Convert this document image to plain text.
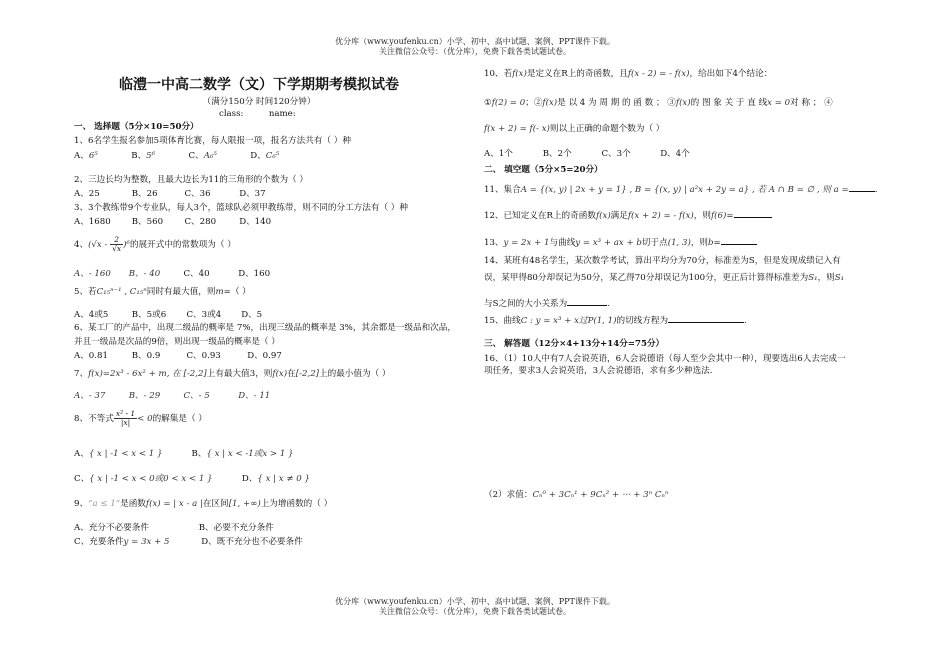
优分库（www.youfenku.cn）小学、初中、高中试题、案例、PPT课件下载。
关注微信公众号：（优分库），免费下载各类试题试卷。
临澧一中高二数学（文）下学期期考模拟试卷
（满分150分 时间120分钟）
class:	name:
一、 选择题（5分×10=50分）
1、6名学生报名参加5项体育比赛，每人限报一项，报名方法共有（ ）种
A、6⁵	B、5⁶	C、A₆⁵	D、C₆⁵
2、三边长均为整数，且最大边长为11的三角形的个数为（ ）
A、25	B、26	C、36	D、37
3、3个教练带9个专业队，每人3个，篮球队必须甲教练带，则不同的分工方法有（ ）种
A、1680 B、560 C、280	D、140
4、$(√x - \frac{2}{√x} )^6$的展开式中的常数项为（ ）
A、- 160 B、- 40	C、40	D、160
5、若C₁₅ⁿ⁻¹ , C₁₅ⁿ同时有最大值，则m=（ ）
A、4或5	B、5或6 C、3或4 D、5
6、某工厂的产品中，出现二级品的概率是 7%，出现三级品的概率是 3%，其余都是一级品和次品，
并且一级品是次品的9倍，则出现一级品的概率是（ ）
A、0.81	B、0.9	C、0.93	D、0.97
7、f(x)=2x³ - 6x² + m, 在 [-2,2]上有最大值3，则f(x)在[-2,2]上的最小值为（ ）
A、- 37	B、- 29	C、- 5	D、- 11
8、不等式 $\frac{\text{x² - 1}}{|x|} < 0$的解集是（ ）
A、{ x | -1 < x < 1 }	B、{ x | x < -1或x > 1 }
C、{ x | -1 < x < 0或0 < x < 1 }	D、{ x | x ≠ 0 }
9、“a ≤ 1”是函数f(x) = | x - a |在区间[1, +∞)上为增函数的（ ）
A、充分不必要条件	B、必要不充分条件
C、充要条件y = 3x + 5	D、既不充分也不必要条件
10、若f(x)是定义在R上的奇函数，且f(x - 2) = - f(x)，给出如下4个结论：
①f(2) = 0；②f(x)是 以 4 为 周 期 的 函 数 ； ③f(x)的 图 象 关 于 直 线x = 0对 称 ； ④
f(x + 2) = f(- x)则以上正确的命题个数为（ ）
A、1个	B、2个	C、3个	D、4个
二、 填空题（5分×5=20分）
11、集合A = {(x, y) | 2x + y = 1} , B = {(x, y) | a²x + 2y = a} , 若 A ∩ B = ∅ , 则 a =	.
12、已知定义在R上的奇函数f(x)满足f(x + 2) = - f(x)，则f(6)=
13、y = 2x + 1与曲线y = x³ + ax + b切于点(1, 3)，则b=
14、某班有48名学生，某次数学考试，算出平均分为70分，标准差为S，但是发现成绩记入有
误，某甲得80分却误记为50分，某乙得70分却误记为100分，更正后计算得标准差为S₁，则S₁
与S之间的大小关系为	.
15、曲线C : y = x³ + x过P(1, 1)的切线方程为	.
三、 解答题（12分×4+13分+14分=75分）
16、（1）10人中有7人会说英语，6人会说德语（每人至少会其中一种），现要选出6人去完成一
项任务，要求3人会说英语，3人会说德语，求有多少种选法.
（2）求值：Cₙ⁰ + 3Cₙ¹ + 9Cₙ² + ⋯ + 3ⁿ Cₙⁿ
优分库（www.youfenku.cn）小学、初中、高中试题、案例、PPT课件下载。
关注微信公众号：（优分库），免费下载各类试题试卷。
